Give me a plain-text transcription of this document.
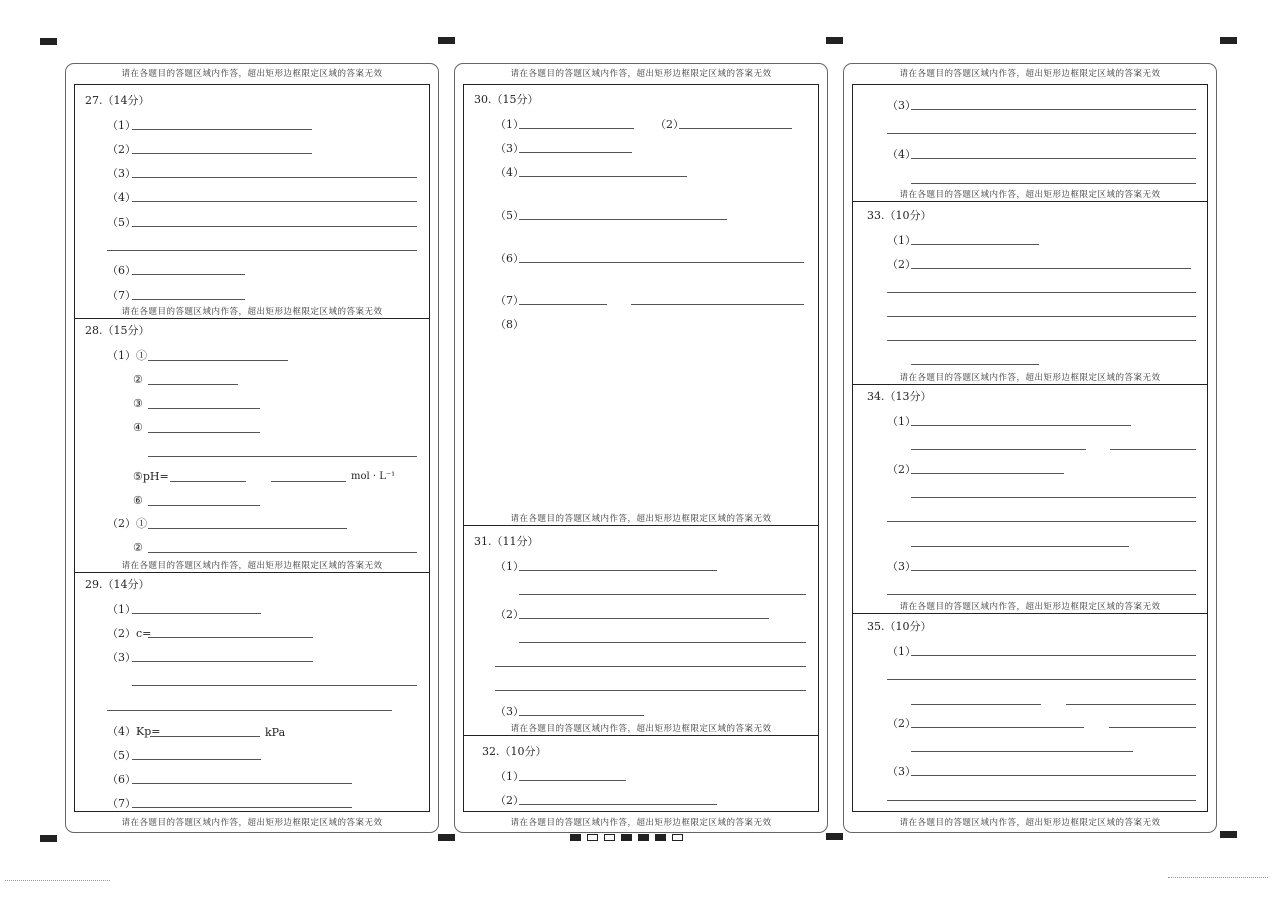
请在各题目的答题区域内作答，超出矩形边框限定区域的答案无效
27.（14分）
（1）
（2）
（3）
（4）
（5）
（6）
（7）
请在各题目的答题区域内作答，超出矩形边框限定区域的答案无效
28.（15分）
（1）①
②
③
④
⑤pH=	mol · L⁻¹
⑥
（2）①
②
请在各题目的答题区域内作答，超出矩形边框限定区域的答案无效
29.（14分）
（1）
（2）c=
（3）
（4）Kp=	kPa
（5）
（6）
（7）
请在各题目的答题区域内作答，超出矩形边框限定区域的答案无效
请在各题目的答题区域内作答，超出矩形边框限定区域的答案无效
30.（15分）
（1）	（2）
（3）
（4）
（5）
（6）
（7）
（8）
请在各题目的答题区域内作答，超出矩形边框限定区域的答案无效
31.（11分）
（1）
（2）
（3）
请在各题目的答题区域内作答，超出矩形边框限定区域的答案无效
32.（10分）
（1）
（2）
请在各题目的答题区域内作答，超出矩形边框限定区域的答案无效
请在各题目的答题区域内作答，超出矩形边框限定区域的答案无效
（3）
（4）
请在各题目的答题区域内作答，超出矩形边框限定区域的答案无效
33.（10分）
（1）
（2）
请在各题目的答题区域内作答，超出矩形边框限定区域的答案无效
34.（13分）
（1）
（2）
（3）
请在各题目的答题区域内作答，超出矩形边框限定区域的答案无效
35.（10分）
（1）
（2）
（3）
请在各题目的答题区域内作答，超出矩形边框限定区域的答案无效
